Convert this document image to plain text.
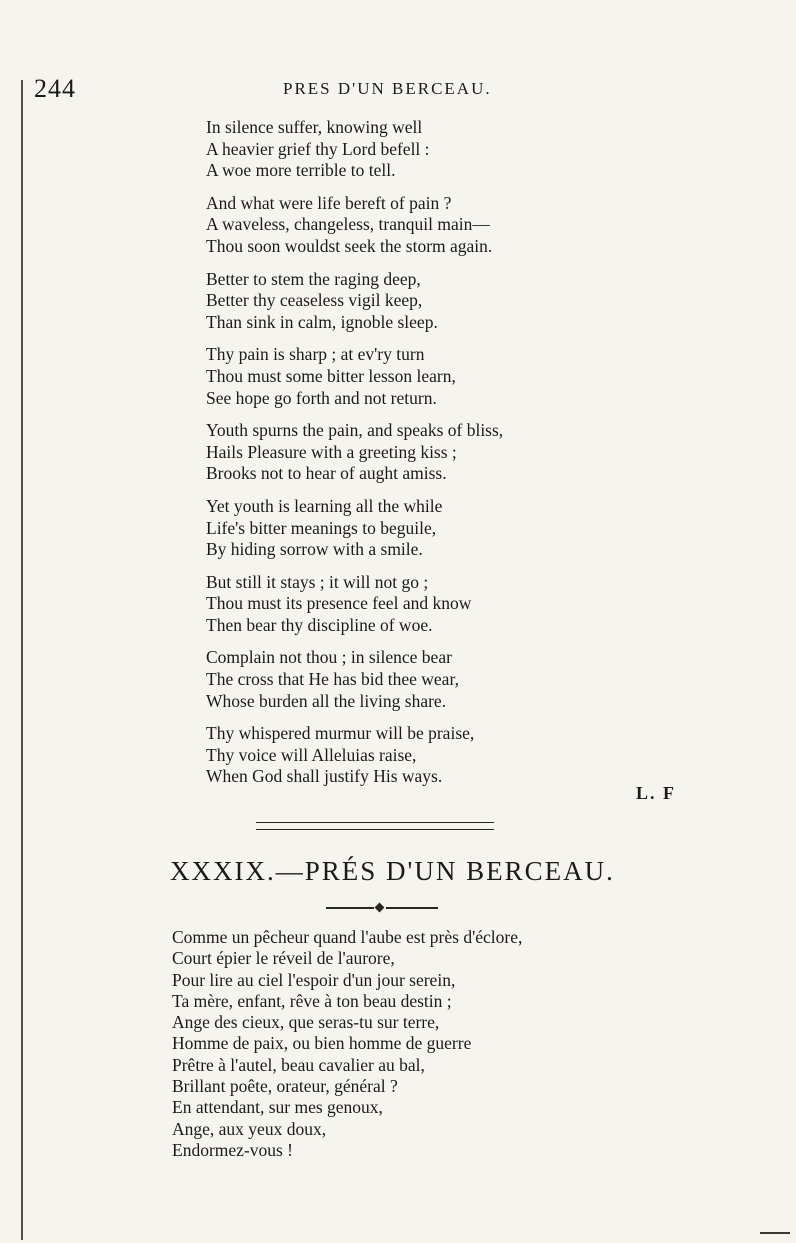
244	PRES D'UN BERCEAU.
In silence suffer, knowing well
A heavier grief thy Lord befell :
A woe more terrible to tell.
And what were life bereft of pain ?
A waveless, changeless, tranquil main—
Thou soon wouldst seek the storm again.
Better to stem the raging deep,
Better thy ceaseless vigil keep,
Than sink in calm, ignoble sleep.
Thy pain is sharp ; at ev'ry turn
Thou must some bitter lesson learn,
See hope go forth and not return.
Youth spurns the pain, and speaks of bliss,
Hails Pleasure with a greeting kiss ;
Brooks not to hear of aught amiss.
Yet youth is learning all the while
Life's bitter meanings to beguile,
By hiding sorrow with a smile.
But still it stays ; it will not go ;
Thou must its presence feel and know
Then bear thy discipline of woe.
Complain not thou ; in silence bear
The cross that He has bid thee wear,
Whose burden all the living share.
Thy whispered murmur will be praise,
Thy voice will Alleluias raise,
When God shall justify His ways.
L. F
XXXIX.—PRÉS D'UN BERCEAU.
Comme un pêcheur quand l'aube est près d'éclore,
Court épier le réveil de l'aurore,
Pour lire au ciel l'espoir d'un jour serein,
Ta mère, enfant, rêve à ton beau destin ;
Ange des cieux, que seras-tu sur terre,
Homme de paix, ou bien homme de guerre
Prêtre à l'autel, beau cavalier au bal,
Brillant poête, orateur, général ?
En attendant, sur mes genoux,
Ange, aux yeux doux,
Endormez-vous !
